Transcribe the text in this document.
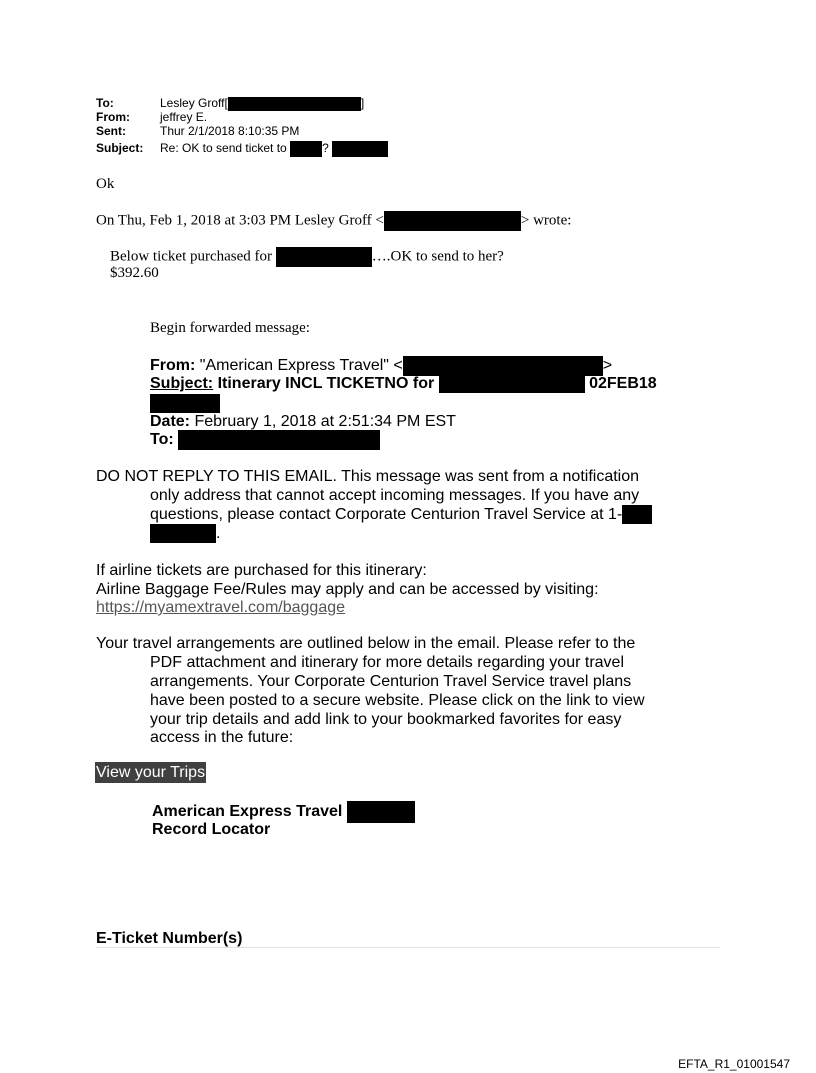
To:	Lesley Groff[	]
From:	jeffrey E.
Sent:	Thur 2/1/2018 8:10:35 PM
Subject: Re: OK to send ticket to	?
Ok
On Thu, Feb 1, 2018 at 3:03 PM Lesley Groff <	> wrote:
Below ticket purchased for	….OK to send to her?
$392.60
Begin forwarded message:
From: "American Express Travel" <	>
Subject: Itinerary INCL TICKETNO for	02FEB18
Date: February 1, 2018 at 2:51:34 PM EST
To:
DO NOT REPLY TO THIS EMAIL. This message was sent from a notification
only address that cannot accept incoming messages. If you have any
questions, please contact Corporate Centurion Travel Service at 1-
.
If airline tickets are purchased for this itinerary:
Airline Baggage Fee/Rules may apply and can be accessed by visiting:
https://myamextravel.com/baggage
Your travel arrangements are outlined below in the email. Please refer to the
PDF attachment and itinerary for more details regarding your travel
arrangements. Your Corporate Centurion Travel Service travel plans
have been posted to a secure website. Please click on the link to view
your trip details and add link to your bookmarked favorites for easy
access in the future:
View your Trips
American Express Travel
Record Locator
E-Ticket Number(s)
EFTA_R1_01001547
